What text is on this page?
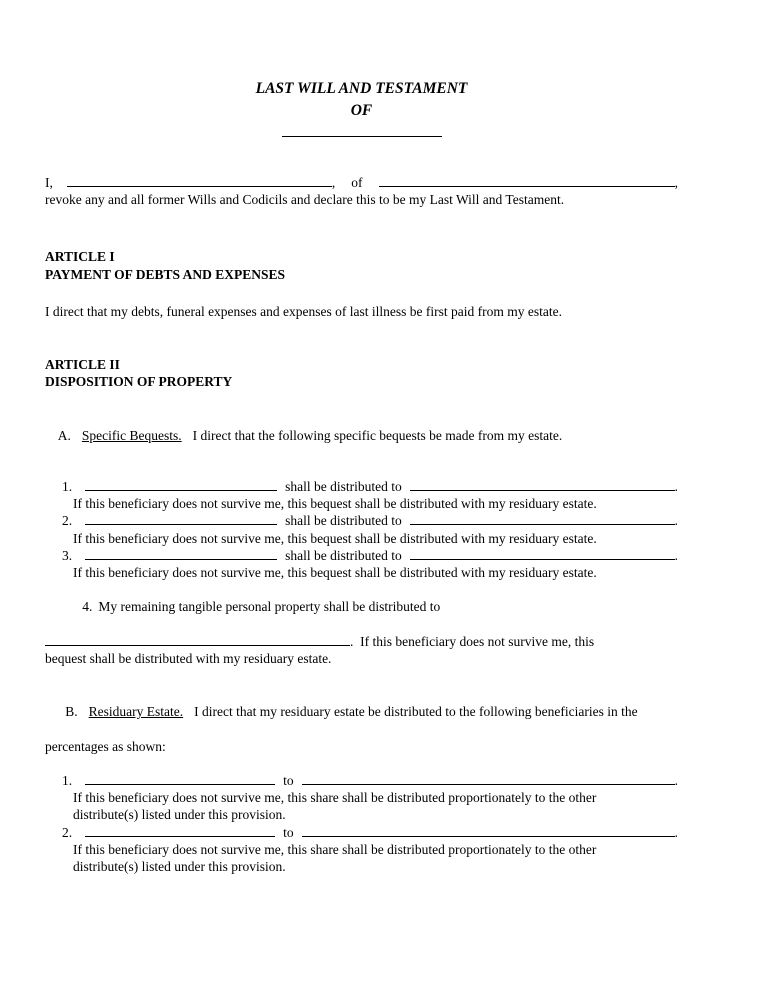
LAST WILL AND TESTAMENT
OF
I,	, of	,
revoke any and all former Wills and Codicils and declare this to be my Last Will and Testament.
ARTICLE I
PAYMENT OF DEBTS AND EXPENSES
I direct that my debts, funeral expenses and expenses of last illness be first paid from my estate.
ARTICLE II
DISPOSITION OF PROPERTY

A. Specific Bequests. I direct that the following specific bequests be made from my estate.

1.	shall be distributed to	.
If this beneficiary does not survive me, this bequest shall be distributed with my residuary estate.
2.	shall be distributed to	.
If this beneficiary does not survive me, this bequest shall be distributed with my residuary estate.
3.	shall be distributed to	.
If this beneficiary does not survive me, this bequest shall be distributed with my residuary estate.

4. My remaining tangible personal property shall be distributed to

.  If this beneficiary does not survive me, this
bequest shall be distributed with my residuary estate.

B. Residuary Estate. I direct that my residuary estate be distributed to the following beneficiaries in the

percentages as shown:
1.	to	.
If this beneficiary does not survive me, this share shall be distributed proportionately to the other
distribute(s) listed under this provision.
2.	to	.
If this beneficiary does not survive me, this share shall be distributed proportionately to the other
distribute(s) listed under this provision.
